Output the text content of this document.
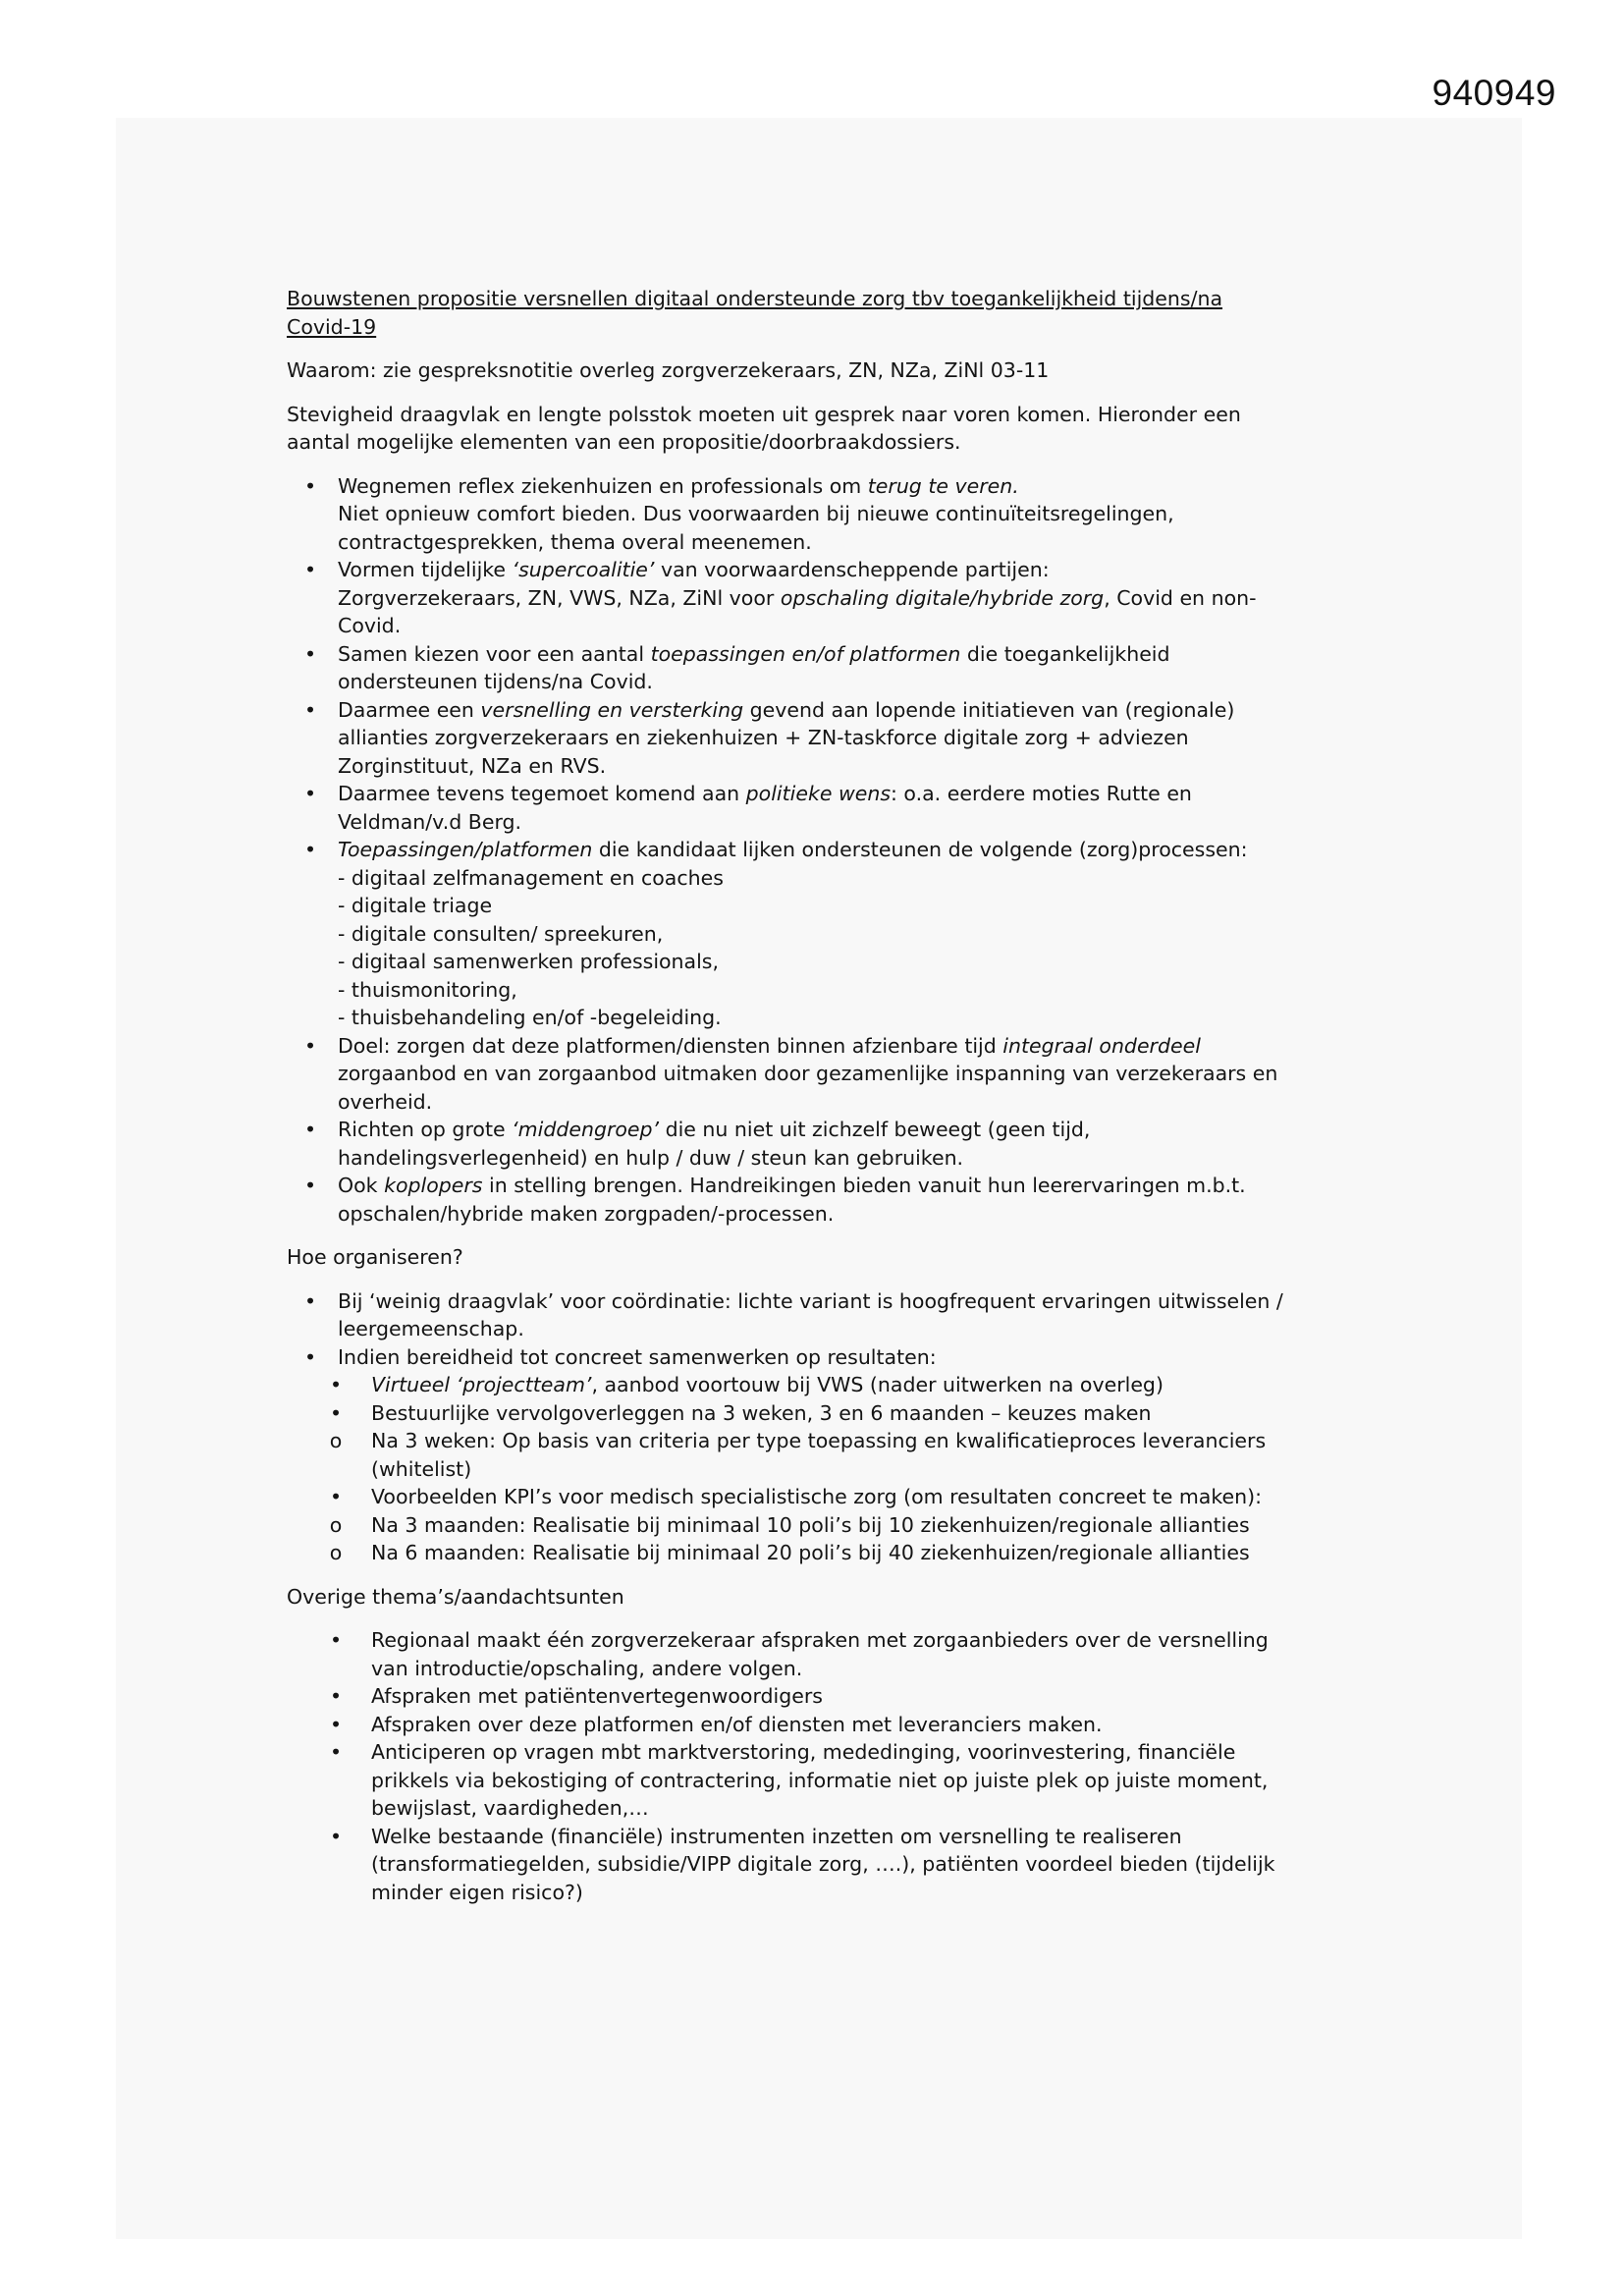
940949

Bouwstenen propositie versnellen digitaal ondersteunde zorg tbv toegankelijkheid tijdens/na
Covid-19

Waarom: zie gespreksnotitie overleg zorgverzekeraars, ZN, NZa, ZiNl 03-11

Stevigheid draagvlak en lengte polsstok moeten uit gesprek naar voren komen. Hieronder een
aantal mogelijke elementen van een propositie/doorbraakdossiers.

• Wegnemen reflex ziekenhuizen en professionals om terug te veren.
Niet opnieuw comfort bieden. Dus voorwaarden bij nieuwe continuïteitsregelingen,
contractgesprekken, thema overal meenemen.
• Vormen tijdelijke ‘supercoalitie’ van voorwaardenscheppende partijen:
Zorgverzekeraars, ZN, VWS, NZa, ZiNl voor opschaling digitale/hybride zorg, Covid en non-
Covid.
• Samen kiezen voor een aantal toepassingen en/of platformen die toegankelijkheid
ondersteunen tijdens/na Covid.
• Daarmee een versnelling en versterking gevend aan lopende initiatieven van (regionale)
allianties zorgverzekeraars en ziekenhuizen + ZN-taskforce digitale zorg + adviezen
Zorginstituut, NZa en RVS.
• Daarmee tevens tegemoet komend aan politieke wens: o.a. eerdere moties Rutte en
Veldman/v.d Berg.
• Toepassingen/platformen die kandidaat lijken ondersteunen de volgende (zorg)processen:
- digitaal zelfmanagement en coaches
- digitale triage
- digitale consulten/ spreekuren,
- digitaal samenwerken professionals,
- thuismonitoring,
- thuisbehandeling en/of -begeleiding.
• Doel: zorgen dat deze platformen/diensten binnen afzienbare tijd integraal onderdeel
zorgaanbod en van zorgaanbod uitmaken door gezamenlijke inspanning van verzekeraars en
overheid.
• Richten op grote ‘middengroep’ die nu niet uit zichzelf beweegt (geen tijd,
handelingsverlegenheid) en hulp / duw / steun kan gebruiken.
• Ook koplopers in stelling brengen. Handreikingen bieden vanuit hun leerervaringen m.b.t.
opschalen/hybride maken zorgpaden/-processen.

Hoe organiseren?

• Bij ‘weinig draagvlak’ voor coördinatie: lichte variant is hoogfrequent ervaringen uitwisselen /
leergemeenschap.
• Indien bereidheid tot concreet samenwerken op resultaten:
• Virtueel ‘projectteam’, aanbod voortouw bij VWS (nader uitwerken na overleg)
• Bestuurlijke vervolgoverleggen na 3 weken, 3 en 6 maanden – keuzes maken
o Na 3 weken: Op basis van criteria per type toepassing en kwalificatieproces leveranciers
(whitelist)
• Voorbeelden KPI’s voor medisch specialistische zorg (om resultaten concreet te maken):
o Na 3 maanden: Realisatie bij minimaal 10 poli’s bij 10 ziekenhuizen/regionale allianties
o Na 6 maanden: Realisatie bij minimaal 20 poli’s bij 40 ziekenhuizen/regionale allianties

Overige thema’s/aandachtsunten

• Regionaal maakt één zorgverzekeraar afspraken met zorgaanbieders over de versnelling
van introductie/opschaling, andere volgen.
• Afspraken met patiëntenvertegenwoordigers
• Afspraken over deze platformen en/of diensten met leveranciers maken.
• Anticiperen op vragen mbt marktverstoring, mededinging, voorinvestering, financiële
prikkels via bekostiging of contractering, informatie niet op juiste plek op juiste moment,
bewijslast, vaardigheden,…
• Welke bestaande (financiële) instrumenten inzetten om versnelling te realiseren
(transformatiegelden, subsidie/VIPP digitale zorg, ….), patiënten voordeel bieden (tijdelijk
minder eigen risico?)
